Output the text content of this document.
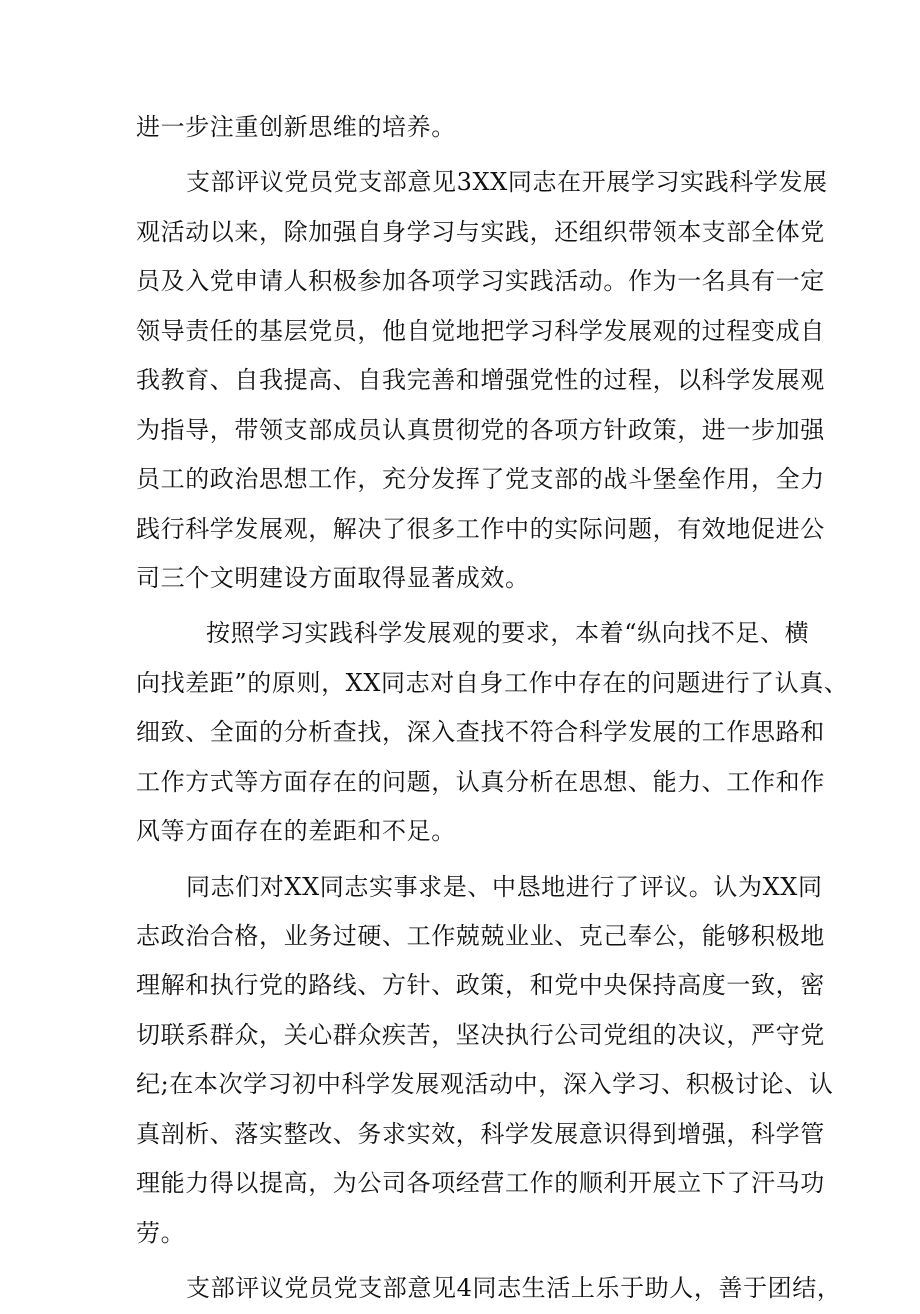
进一步注重创新思维的培养。
支部评议党员党支部意见3XX同志在开展学习实践科学发展
观活动以来，除加强自身学习与实践，还组织带领本支部全体党
员及入党申请人积极参加各项学习实践活动。作为一名具有一定
领导责任的基层党员，他自觉地把学习科学发展观的过程变成自
我教育、自我提高、自我完善和增强党性的过程，以科学发展观
为指导，带领支部成员认真贯彻党的各项方针政策，进一步加强
员工的政治思想工作，充分发挥了党支部的战斗堡垒作用，全力
践行科学发展观，解决了很多工作中的实际问题，有效地促进公
司三个文明建设方面取得显著成效。
按照学习实践科学发展观的要求，本着“纵向找不足、横
向找差距”的原则，XX同志对自身工作中存在的问题进行了认真、
细致、全面的分析查找，深入查找不符合科学发展的工作思路和
工作方式等方面存在的问题，认真分析在思想、能力、工作和作
风等方面存在的差距和不足。
同志们对XX同志实事求是、中恳地进行了评议。认为XX同
志政治合格，业务过硬、工作兢兢业业、克己奉公，能够积极地
理解和执行党的路线、方针、政策，和党中央保持高度一致，密
切联系群众，关心群众疾苦，坚决执行公司党组的决议，严守党
纪;在本次学习初中科学发展观活动中，深入学习、积极讨论、认
真剖析、落实整改、务求实效，科学发展意识得到增强，科学管
理能力得以提高，为公司各项经营工作的顺利开展立下了汗马功
劳。
支部评议党员党支部意见4同志生活上乐于助人，善于团结，
